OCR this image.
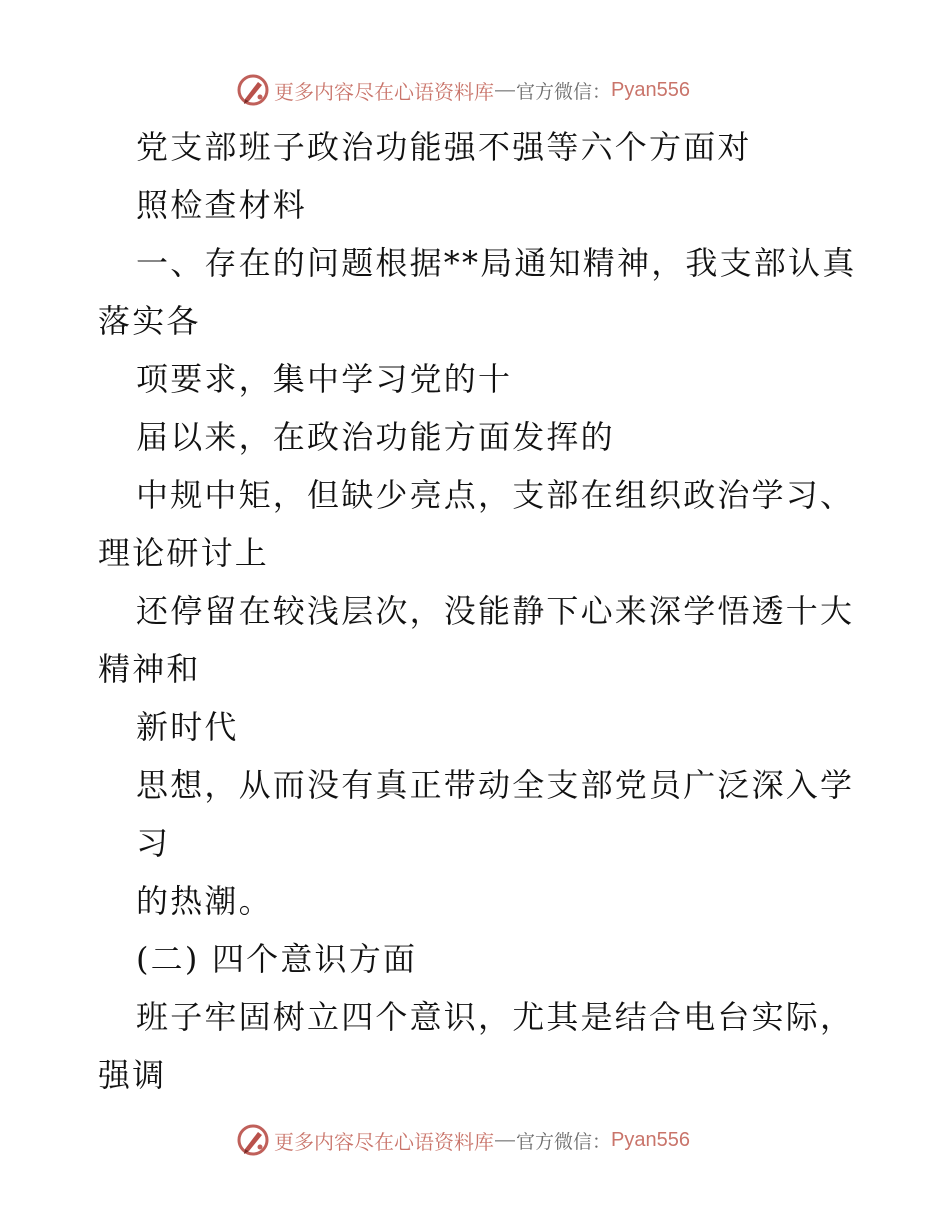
更多内容尽在心语资料库 — 官方微信： Pyan556
党支部班子政治功能强不强等六个方面对
照检查材料
一、存在的问题根据**局通知精神，我支部认真
落实各
项要求，集中学习党的十
届以来，在政治功能方面发挥的
中规中矩，但缺少亮点，支部在组织政治学习、
理论研讨上
还停留在较浅层次，没能静下心来深学悟透十大
精神和
新时代
思想，从而没有真正带动全支部党员广泛深入学
习
的热潮。
(二) 四个意识方面
班子牢固树立四个意识，尤其是结合电台实际，
强调
更多内容尽在心语资料库 — 官方微信： Pyan556
